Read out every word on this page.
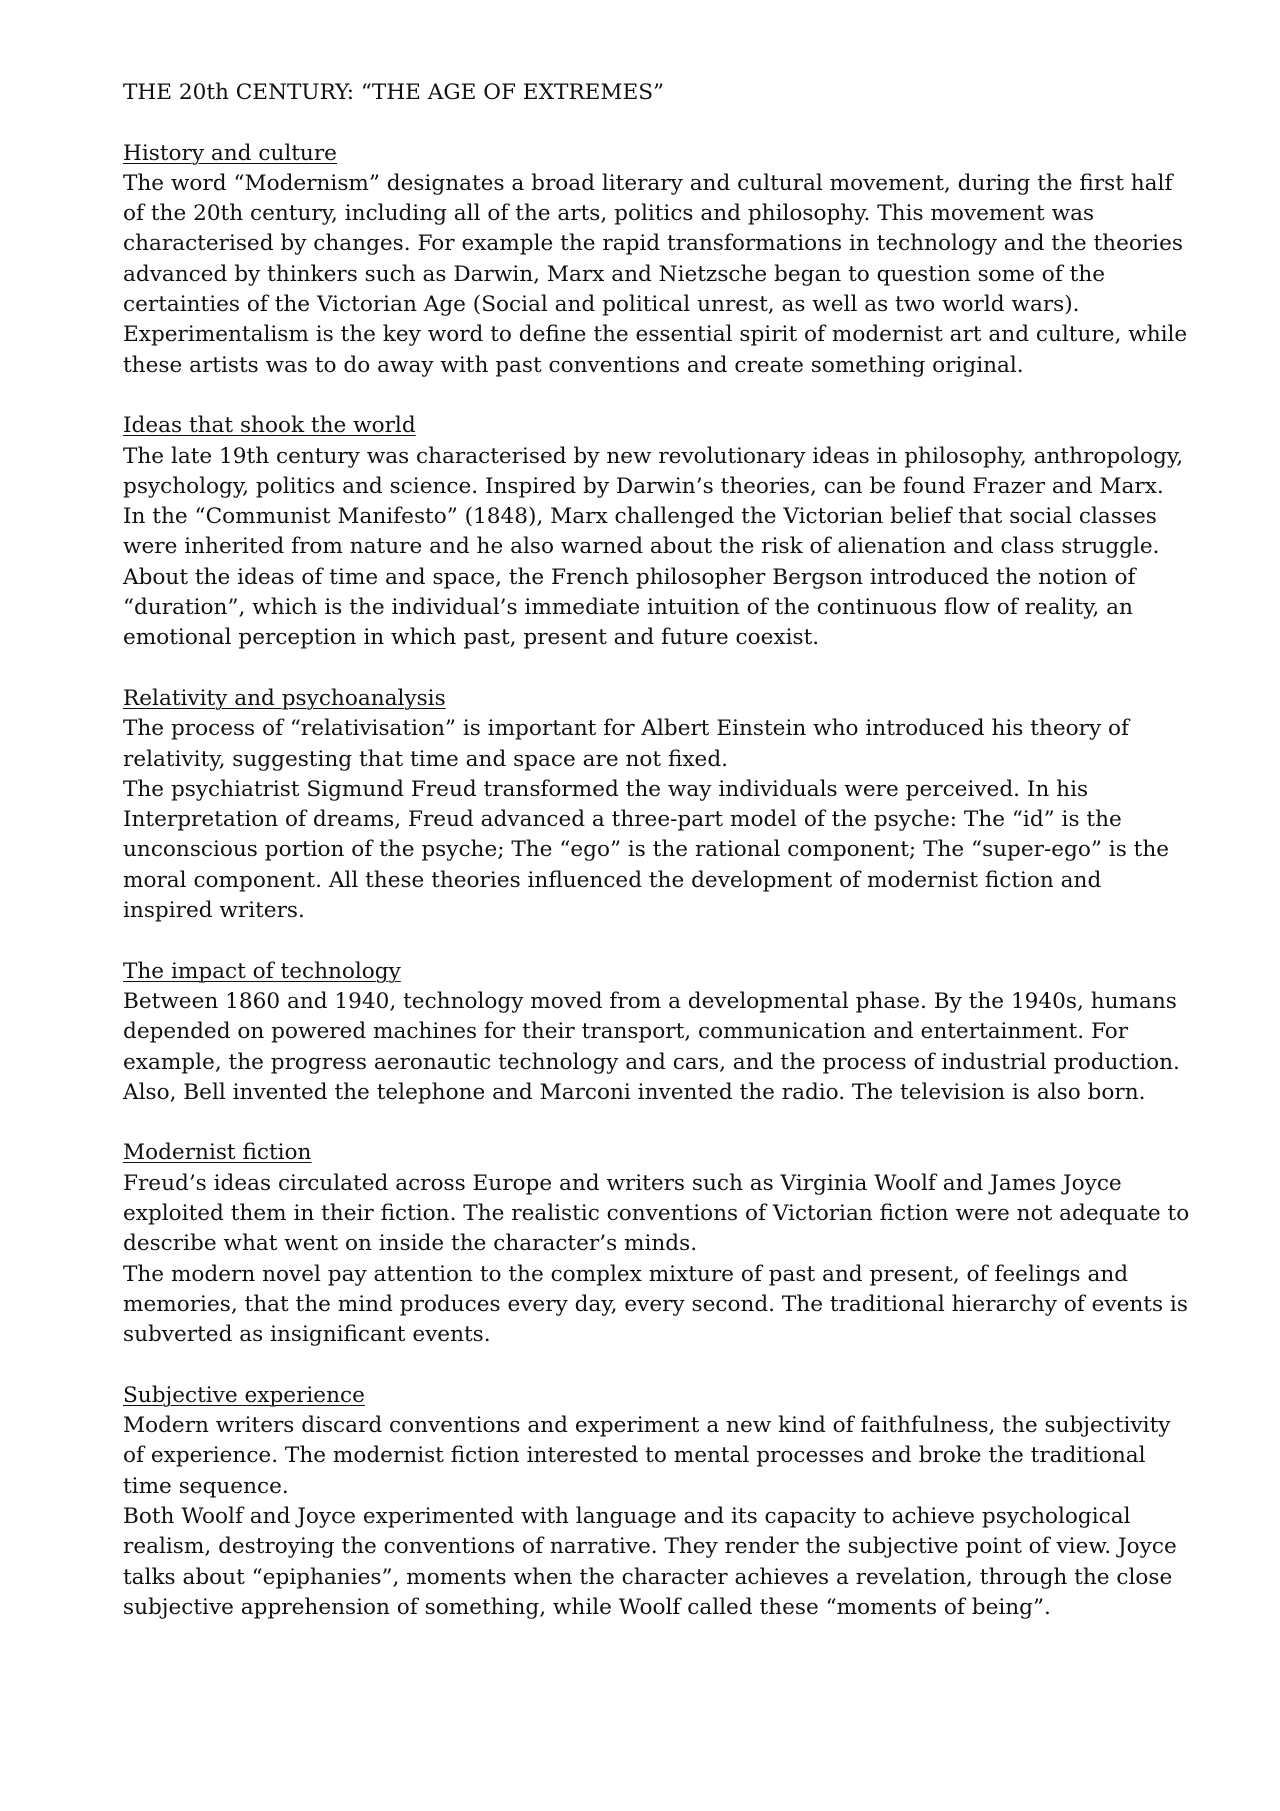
THE 20th CENTURY: “THE AGE OF EXTREMES”
History and culture
The word “Modernism” designates a broad literary and cultural movement, during the first half of the 20th century, including all of the arts, politics and philosophy. This movement was characterised by changes. For example the rapid transformations in technology and the theories advanced by thinkers such as Darwin, Marx and Nietzsche began to question some of the certainties of the Victorian Age (Social and political unrest, as well as two world wars). Experimentalism is the key word to define the essential spirit of modernist art and culture, while these artists was to do away with past conventions and create something original.
Ideas that shook the world
The late 19th century was characterised by new revolutionary ideas in philosophy, anthropology, psychology, politics and science. Inspired by Darwin’s theories, can be found Frazer and Marx. In the “Communist Manifesto” (1848), Marx challenged the Victorian belief that social classes were inherited from nature and he also warned about the risk of alienation and class struggle.
About the ideas of time and space, the French philosopher Bergson introduced the notion of “duration”, which is the individual’s immediate intuition of the continuous flow of reality, an emotional perception in which past, present and future coexist.
Relativity and psychoanalysis
The process of “relativisation” is important for Albert Einstein who introduced his theory of relativity, suggesting that time and space are not fixed.
The psychiatrist Sigmund Freud transformed the way individuals were perceived. In his Interpretation of dreams, Freud advanced a three-part model of the psyche: The “id” is the unconscious portion of the psyche; The “ego” is the rational component; The “super-ego” is the moral component. All these theories influenced the development of modernist fiction and inspired writers.
The impact of technology
Between 1860 and 1940, technology moved from a developmental phase. By the 1940s, humans depended on powered machines for their transport, communication and entertainment. For example, the progress aeronautic technology and cars, and the process of industrial production. Also, Bell invented the telephone and Marconi invented the radio. The television is also born.
Modernist fiction
Freud’s ideas circulated across Europe and writers such as Virginia Woolf and James Joyce exploited them in their fiction. The realistic conventions of Victorian fiction were not adequate to describe what went on inside the character’s minds.
The modern novel pay attention to the complex mixture of past and present, of feelings and memories, that the mind produces every day, every second. The traditional hierarchy of events is subverted as insignificant events.
Subjective experience
Modern writers discard conventions and experiment a new kind of faithfulness, the subjectivity of experience. The modernist fiction interested to mental processes and broke the traditional time sequence.
Both Woolf and Joyce experimented with language and its capacity to achieve psychological realism, destroying the conventions of narrative. They render the subjective point of view. Joyce talks about “epiphanies”, moments when the character achieves a revelation, through the close subjective apprehension of something, while Woolf called these “moments of being”.
